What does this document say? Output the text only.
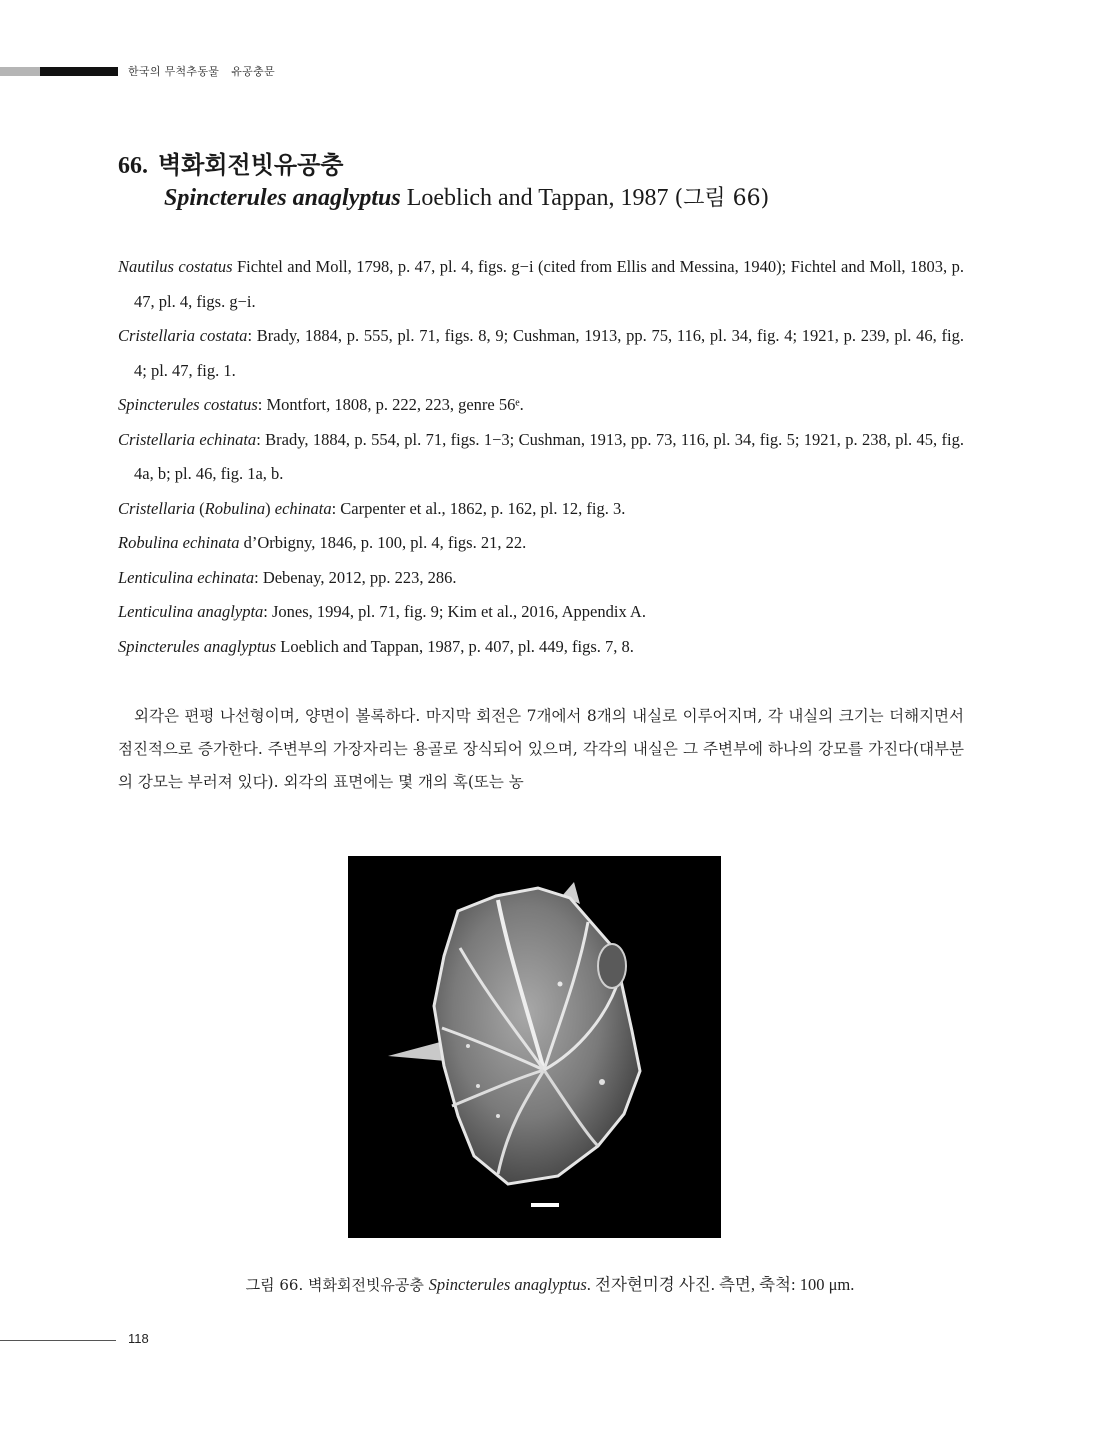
한국의 무척추동물 유공충문
66. 벽화회전빗유공충
Spincterules anaglyptus Loeblich and Tappan, 1987 (그림 66)
Nautilus costatus Fichtel and Moll, 1798, p. 47, pl. 4, figs. g−i (cited from Ellis and Messina, 1940); Fichtel and Moll, 1803, p. 47, pl. 4, figs. g−i.
Cristellaria costata: Brady, 1884, p. 555, pl. 71, figs. 8, 9; Cushman, 1913, pp. 75, 116, pl. 34, fig. 4; 1921, p. 239, pl. 46, fig. 4; pl. 47, fig. 1.
Spincterules costatus: Montfort, 1808, p. 222, 223, genre 56ᵉ.
Cristellaria echinata: Brady, 1884, p. 554, pl. 71, figs. 1−3; Cushman, 1913, pp. 73, 116, pl. 34, fig. 5; 1921, p. 238, pl. 45, fig. 4a, b; pl. 46, fig. 1a, b.
Cristellaria (Robulina) echinata: Carpenter et al., 1862, p. 162, pl. 12, fig. 3.
Robulina echinata d’Orbigny, 1846, p. 100, pl. 4, figs. 21, 22.
Lenticulina echinata: Debenay, 2012, pp. 223, 286.
Lenticulina anaglypta: Jones, 1994, pl. 71, fig. 9; Kim et al., 2016, Appendix A.
Spincterules anaglyptus Loeblich and Tappan, 1987, p. 407, pl. 449, figs. 7, 8.
외각은 편평 나선형이며, 양면이 볼록하다. 마지막 회전은 7개에서 8개의 내실로 이루어지며, 각 내실의 크기는 더해지면서 점진적으로 증가한다. 주변부의 가장자리는 용골로 장식되어 있으며, 각각의 내실은 그 주변부에 하나의 강모를 가진다(대부분의 강모는 부러져 있다). 외각의 표면에는 몇 개의 혹(또는 농
그림 66. 벽화회전빗유공충 Spincterules anaglyptus. 전자현미경 사진. 측면, 축척: 100 μm.
118
